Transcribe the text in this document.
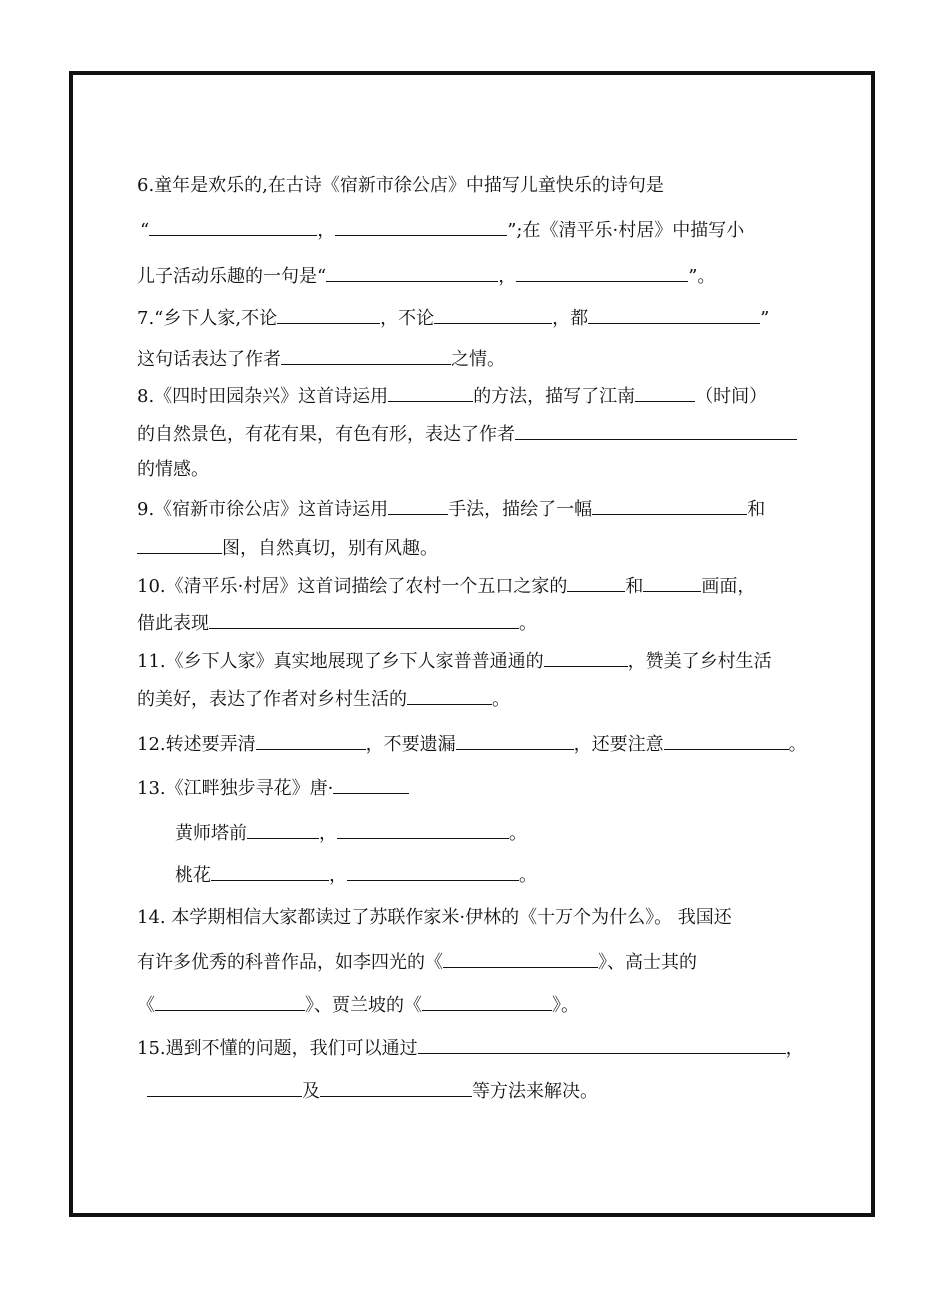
6.童年是欢乐的,在古诗《宿新市徐公店》中描写儿童快乐的诗句是
“	，	”;在《清平乐·村居》中描写小
儿子活动乐趣的一句是“	，	”。
7.“乡下人家,不论	，不论	，都	”
这句话表达了作者	之情。
8.《四时田园杂兴》这首诗运用	的方法，描写了江南	（时间）
的自然景色，有花有果，有色有形，表达了作者
的情感。
9.《宿新市徐公店》这首诗运用	手法，描绘了一幅	和
图，自然真切，别有风趣。
10.《清平乐·村居》这首词描绘了农村一个五口之家的	和	画面，
借此表现	。
11.《乡下人家》真实地展现了乡下人家普普通通的	，赞美了乡村生活
的美好，表达了作者对乡村生活的	。
12.转述要弄清	，不要遗漏	，还要注意	。
13.《江畔独步寻花》唐·
黄师塔前	，	。
桃花	，	。
14. 本学期相信大家都读过了苏联作家米·伊林的《十万个为什么》。 我国还
有许多优秀的科普作品，如李四光的《	》、高士其的
《	》、贾兰坡的《	》。
15.遇到不懂的问题，我们可以通过	，
及	等方法来解决。
